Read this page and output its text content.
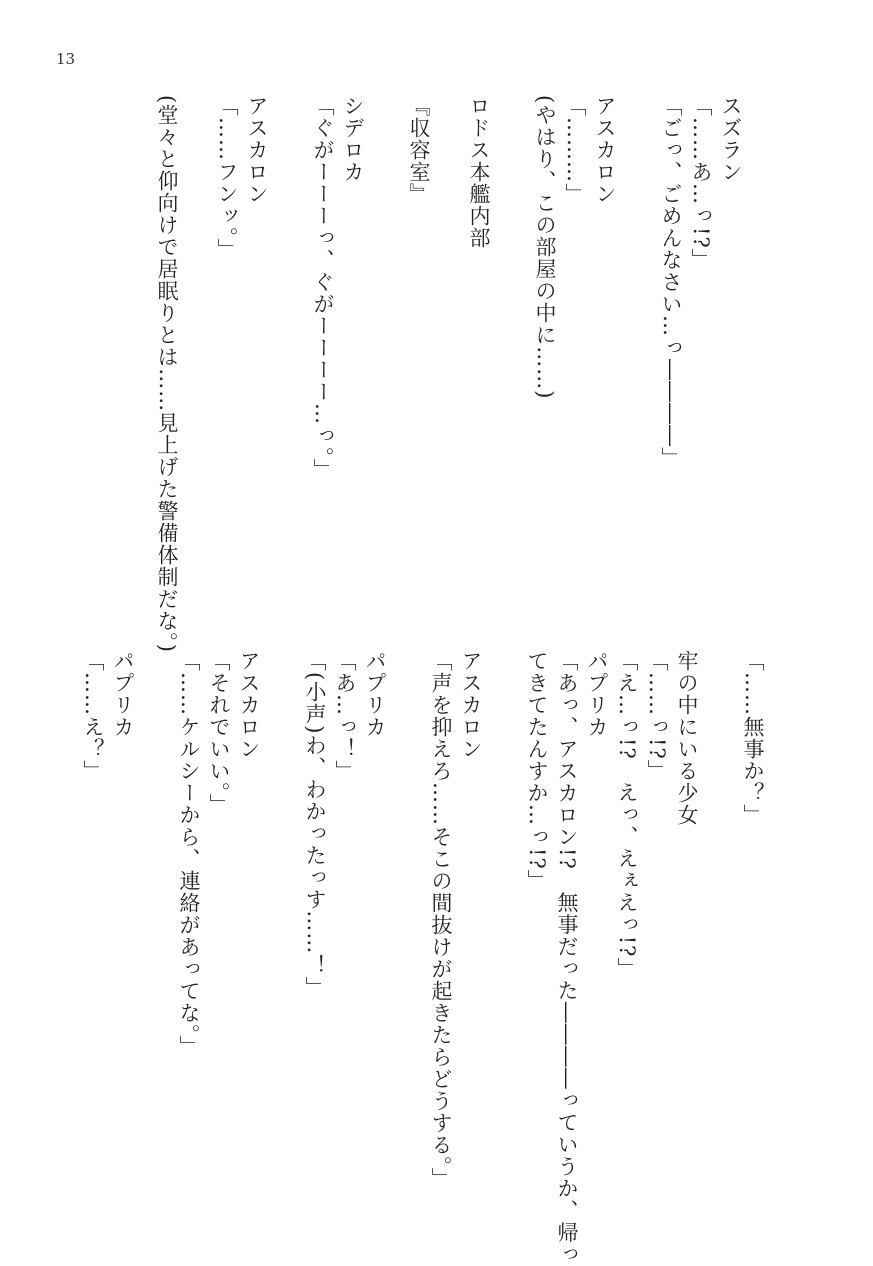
13
スズラン
「……あ…っ!?」
「ごっ、ごめんなさい…っ――――」
アスカロン
「………」
(やはり、この部屋の中に……)
ロドス本艦内部
『収容室』
シデロカ
「ぐがーーーっ、ぐがーーーー…っ。」
アスカロン
「……フンッ。」
(堂々と仰向けで居眠りとは……見上げた警備体制だな。)
「……無事か？」
牢の中にいる少女
「……っ!?」
「え…っ!?　えっ、えぇえっ!?」
パプリカ
「あっ、アスカロン!?　無事だった――――っていうか、帰っ
てきてたんすか…っ!?」
アスカロン
「声を抑えろ……そこの間抜けが起きたらどうする。」
パプリカ
「あ…っ！」
「(小声)わ、わかったっす……！」
アスカロン
「それでいい。」
「……ケルシーから、連絡があってな。」
パプリカ
「……え？」
